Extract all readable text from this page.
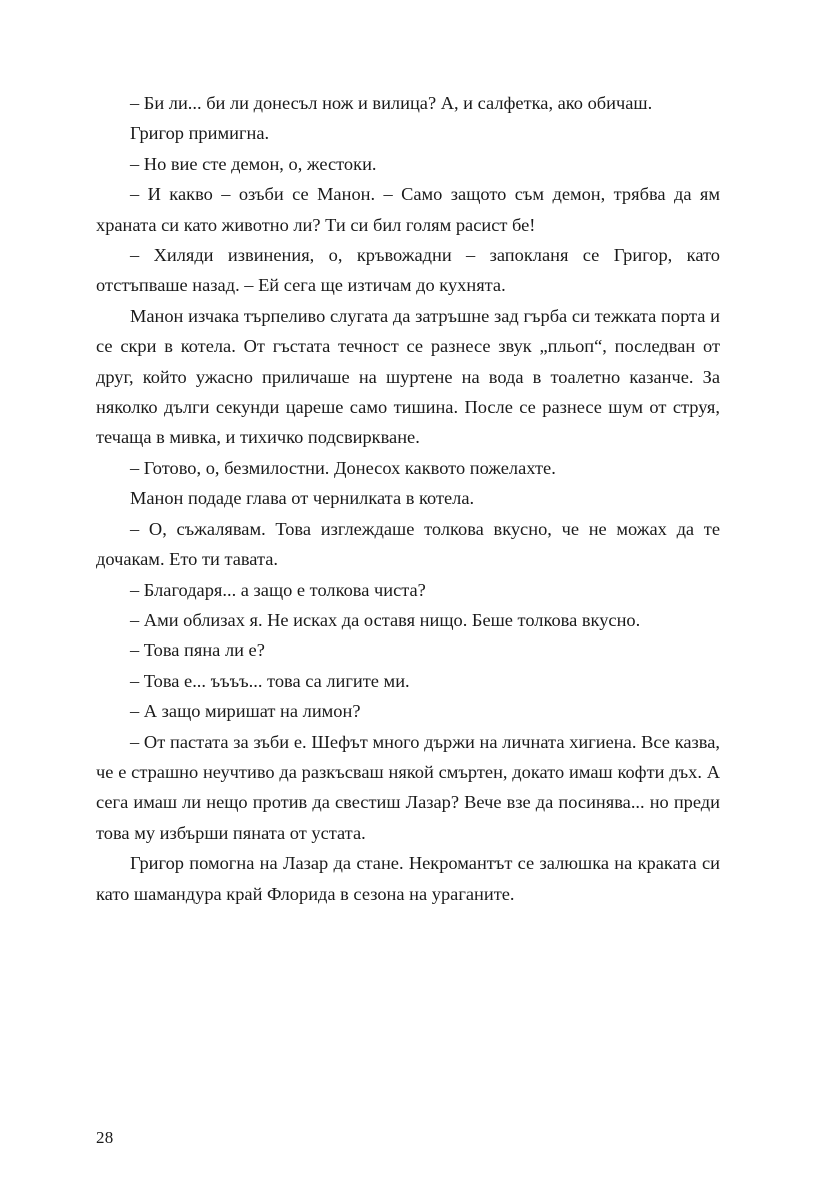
– Би ли... би ли донесъл нож и вилица? А, и салфетка, ако обичаш.

Григор примигна.

– Но вие сте демон, о, жестоки.

– И какво – озъби се Манон. – Само защото съм демон, трябва да ям храната си като животно ли? Ти си бил голям расист бе!

– Хиляди извинения, о, кръвожадни – запокланя се Григор, като отстъпваше назад. – Ей сега ще изтичам до кухнята.

Манон изчака търпеливо слугата да затръшне зад гърба си тежката порта и се скри в котела. От гъстата течност се разнесе звук „пльоп“, последван от друг, който ужасно приличаше на шуртене на вода в тоалетно казанче. За няколко дълги секунди цареше само тишина. После се разнесе шум от струя, течаща в мивка, и тихичко подсвиркване.

– Готово, о, безмилостни. Донесох каквото пожелахте.

Манон подаде глава от чернилката в котела.

– О, съжалявам. Това изглеждаше толкова вкусно, че не можах да те дочакам. Ето ти тавата.

– Благодаря... а защо е толкова чиста?

– Ами облизах я. Не исках да оставя нищо. Беше толкова вкусно.

– Това пяна ли е?

– Това е... ъъъъ... това са лигите ми.

– А защо миришат на лимон?

– От пастата за зъби е. Шефът много държи на личната хигиена. Все казва, че е страшно неучтиво да разкъсваш някой смъртен, докато имаш кофти дъх. А сега имаш ли нещо против да свестиш Лазар? Вече взе да посинява... но преди това му избърши пяната от устата.

Григор помогна на Лазар да стане. Некромантът се залюшка на краката си като шамандура край Флорида в сезона на ураганите.

28
